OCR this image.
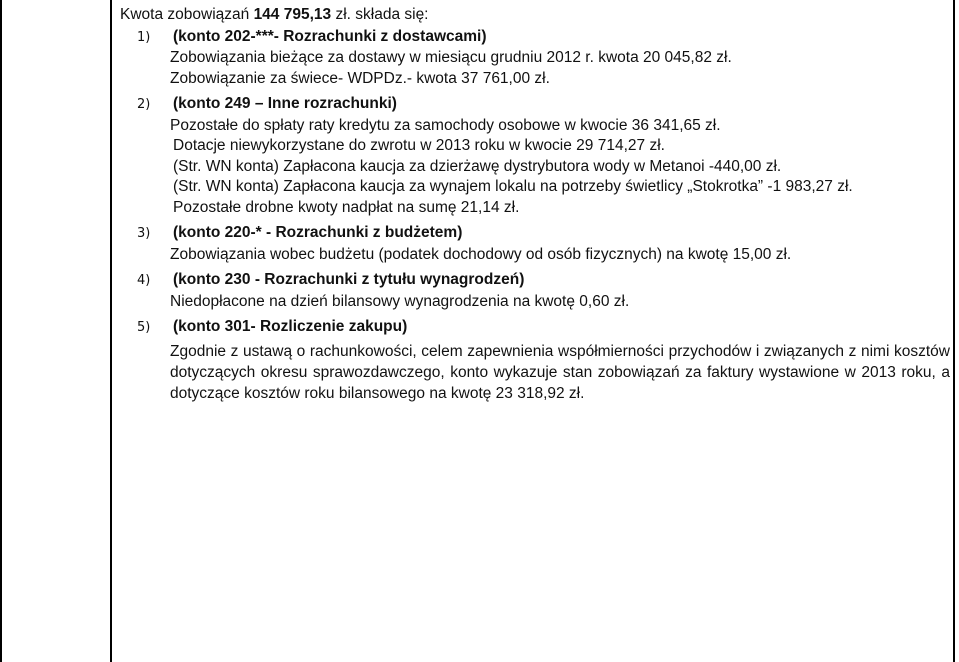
Kwota zobowiązań 144 795,13 zł. składa się:
1) (konto 202-***- Rozrachunki z dostawcami)
Zobowiązania bieżące za dostawy w miesiącu grudniu 2012 r. kwota 20 045,82 zł.
Zobowiązanie za świece- WDPDz.- kwota 37 761,00 zł.
2) (konto 249 – Inne rozrachunki)
Pozostałe do spłaty raty kredytu za samochody osobowe w kwocie 36 341,65 zł.
Dotacje niewykorzystane do zwrotu w 2013 roku w kwocie 29 714,27 zł.
(Str. WN konta) Zapłacona kaucja za dzierżawę dystrybutora wody w Metanoi -440,00 zł.
(Str. WN konta) Zapłacona kaucja za wynajem lokalu na potrzeby świetlicy „Stokrotka” -1 983,27 zł.
Pozostałe drobne kwoty nadpłat na sumę 21,14 zł.
3) (konto 220-* - Rozrachunki z budżetem)
Zobowiązania wobec budżetu (podatek dochodowy od osób fizycznych) na kwotę 15,00 zł.
4) (konto 230 - Rozrachunki z tytułu wynagrodzeń)
Niedopłacone na dzień bilansowy wynagrodzenia na kwotę 0,60 zł.
5) (konto 301- Rozliczenie zakupu)
Zgodnie z ustawą o rachunkowości, celem zapewnienia współmierności przychodów i związanych z nimi kosztów dotyczących okresu sprawozdawczego, konto wykazuje stan zobowiązań za faktury wystawione w 2013 roku, a dotyczące kosztów roku bilansowego na kwotę 23 318,92 zł.
